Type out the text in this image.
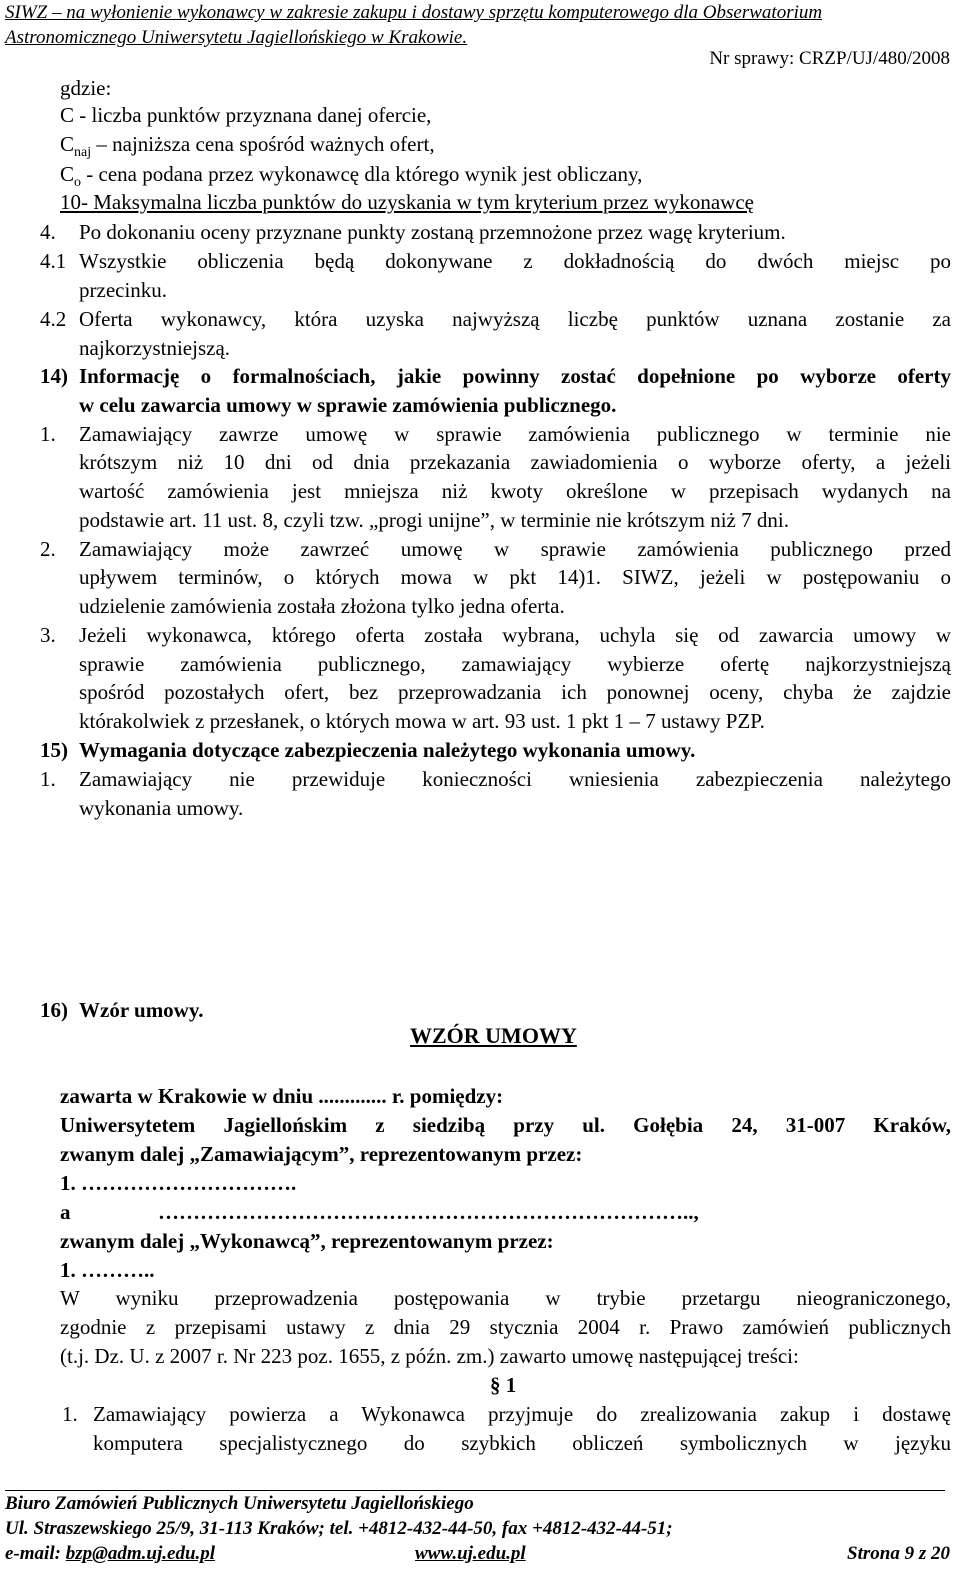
SIWZ – na wyłonienie wykonawcy w zakresie zakupu i dostawy sprzętu komputerowego dla Obserwatorium
Astronomicznego Uniwersytetu Jagiellońskiego w Krakowie.
Nr sprawy: CRZP/UJ/480/2008
gdzie:
C - liczba punktów przyznana danej ofercie,
$C_{naj}$ – najniższa cena spośród ważnych ofert,
$C_o$ - cena podana przez wykonawcę dla którego wynik jest obliczany,
10- Maksymalna liczba punktów do uzyskania w tym kryterium przez wykonawcę
4. Po dokonaniu oceny przyznane punkty zostaną przemnożone przez wagę kryterium.
4.1 Wszystkie obliczenia będą dokonywane z dokładnością do dwóch miejsc po
przecinku.
4.2 Oferta wykonawcy, która uzyska najwyższą liczbę punktów uznana zostanie za
najkorzystniejszą.
14) Informację o formalnościach, jakie powinny zostać dopełnione po wyborze oferty
w celu zawarcia umowy w sprawie zamówienia publicznego.
1. Zamawiający zawrze umowę w sprawie zamówienia publicznego w terminie nie
krótszym niż 10 dni od dnia przekazania zawiadomienia o wyborze oferty, a jeżeli
wartość zamówienia jest mniejsza niż kwoty określone w przepisach wydanych na
podstawie art. 11 ust. 8, czyli tzw. „progi unijne”, w terminie nie krótszym niż 7 dni.
2. Zamawiający może zawrzeć umowę w sprawie zamówienia publicznego przed
upływem terminów, o których mowa w pkt 14)1. SIWZ, jeżeli w postępowaniu o
udzielenie zamówienia została złożona tylko jedna oferta.
3. Jeżeli wykonawca, którego oferta została wybrana, uchyla się od zawarcia umowy w
sprawie zamówienia publicznego, zamawiający wybierze ofertę najkorzystniejszą
spośród pozostałych ofert, bez przeprowadzania ich ponownej oceny, chyba że zajdzie
którakolwiek z przesłanek, o których mowa w art. 93 ust. 1 pkt 1 – 7 ustawy PZP.
15) Wymagania dotyczące zabezpieczenia należytego wykonania umowy.
1. Zamawiający nie przewiduje konieczności wniesienia zabezpieczenia należytego
wykonania umowy.
16) Wzór umowy.
WZÓR UMOWY
zawarta w Krakowie w dniu ............. r. pomiędzy:
Uniwersytetem Jagiellońskim z siedzibą przy ul. Gołębia 24, 31-007 Kraków,
zwanym dalej „Zamawiającym”, reprezentowanym przez:
1. ………………………….
a	…………………………………………………………………..,
zwanym dalej „Wykonawcą”, reprezentowanym przez:
1. ………..
W wyniku przeprowadzenia postępowania w trybie przetargu nieograniczonego,
zgodnie z przepisami ustawy z dnia 29 stycznia 2004 r. Prawo zamówień publicznych
(t.j. Dz. U. z 2007 r. Nr 223 poz. 1655, z późn. zm.) zawarto umowę następującej treści:
§ 1
1. Zamawiający powierza a Wykonawca przyjmuje do zrealizowania zakup i dostawę
komputera specjalistycznego do szybkich obliczeń symbolicznych w języku
Biuro Zamówień Publicznych Uniwersytetu Jagiellońskiego
Ul. Straszewskiego 25/9, 31-113 Kraków; tel. +4812-432-44-50, fax +4812-432-44-51;
e-mail: bzp@adm.uj.edu.pl	www.uj.edu.pl	Strona 9 z 20
